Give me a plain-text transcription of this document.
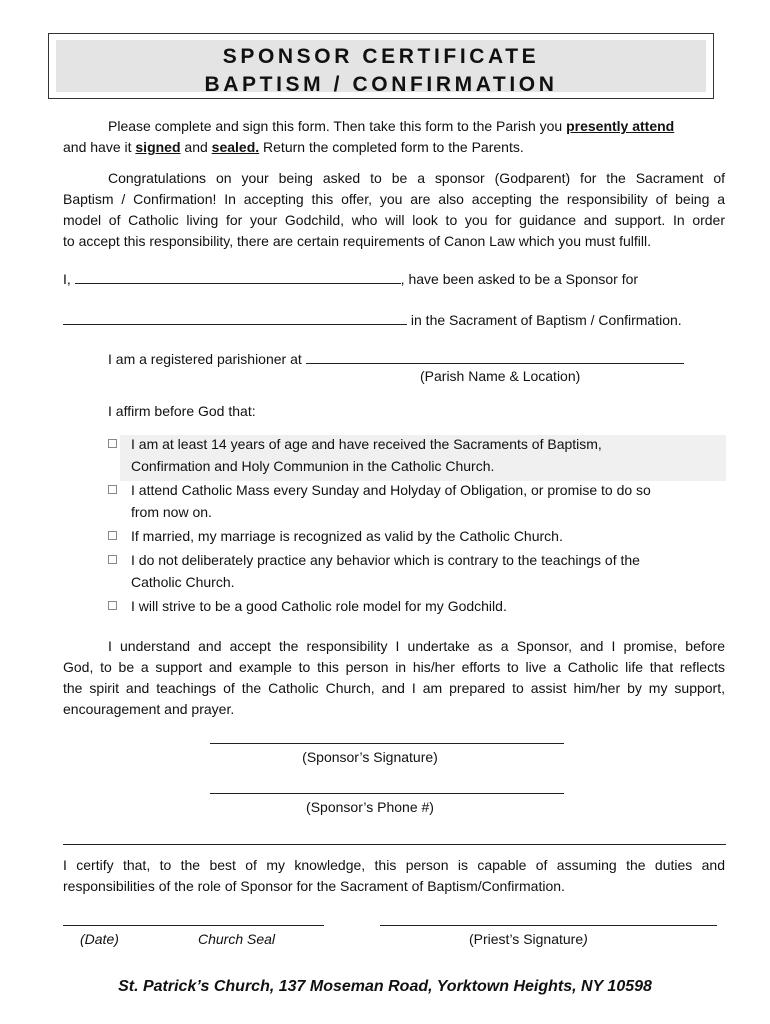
SPONSOR CERTIFICATE
BAPTISM / CONFIRMATION
Please complete and sign this form. Then take this form to the Parish you presently attend
and have it signed and sealed. Return the completed form to the Parents.
Congratulations on your being asked to be a sponsor (Godparent) for the Sacrament of
Baptism / Confirmation! In accepting this offer, you are also accepting the responsibility of being a
model of Catholic living for your Godchild, who will look to you for guidance and support. In order
to accept this responsibility, there are certain requirements of Canon Law which you must fulfill.
I,	, have been asked to be a Sponsor for
in the Sacrament of Baptism / Confirmation.
I am a registered parishioner at
(Parish Name & Location)
I affirm before God that:
I am at least 14 years of age and have received the Sacraments of Baptism,
Confirmation and Holy Communion in the Catholic Church.
I attend Catholic Mass every Sunday and Holyday of Obligation, or promise to do so
from now on.
If married, my marriage is recognized as valid by the Catholic Church.
I do not deliberately practice any behavior which is contrary to the teachings of the
Catholic Church.
I will strive to be a good Catholic role model for my Godchild.
I understand and accept the responsibility I undertake as a Sponsor, and I promise, before
God, to be a support and example to this person in his/her efforts to live a Catholic life that reflects
the spirit and teachings of the Catholic Church, and I am prepared to assist him/her by my support,
encouragement and prayer.
(Sponsor’s Signature)
(Sponsor’s Phone #)
I certify that, to the best of my knowledge, this person is capable of assuming the duties and
responsibilities of the role of Sponsor for the Sacrament of Baptism/Confirmation.
(Date)	Church Seal	(Priest’s Signature)
St. Patrick’s Church, 137 Moseman Road, Yorktown Heights, NY 10598
